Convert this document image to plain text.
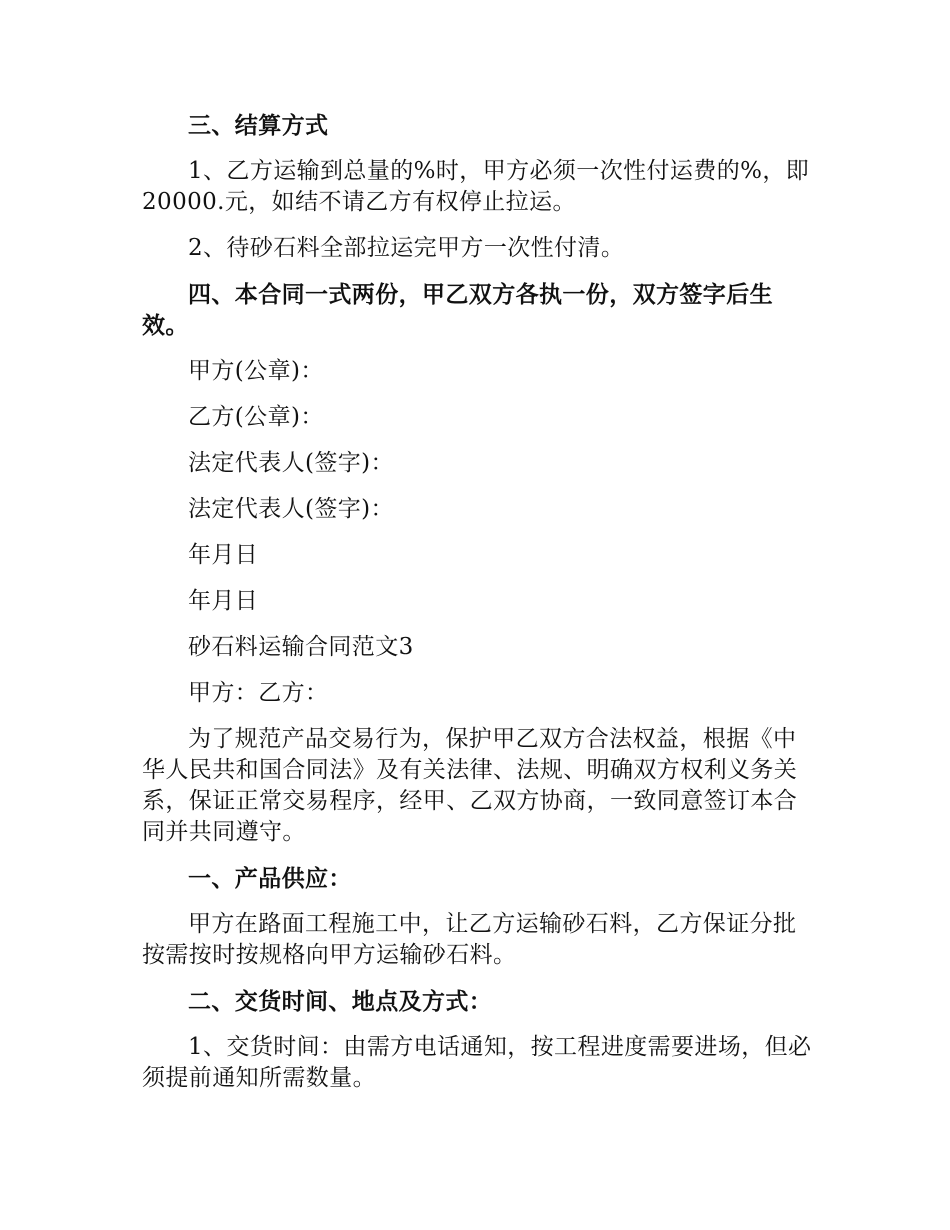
三、结算方式

1、乙方运输到总量的%时，甲方必须一次性付运费的%，即20000.元，如结不请乙方有权停止拉运。

2、待砂石料全部拉运完甲方一次性付清。

四、本合同一式两份，甲乙双方各执一份，双方签字后生效。

甲方(公章)：

乙方(公章)：

法定代表人(签字)：

法定代表人(签字)：

年月日

年月日

砂石料运输合同范文3

甲方：乙方：

为了规范产品交易行为，保护甲乙双方合法权益，根据《中华人民共和国合同法》及有关法律、法规、明确双方权利义务关系，保证正常交易程序，经甲、乙双方协商，一致同意签订本合同并共同遵守。

一、产品供应：

甲方在路面工程施工中，让乙方运输砂石料，乙方保证分批按需按时按规格向甲方运输砂石料。

二、交货时间、地点及方式：

1、交货时间：由需方电话通知，按工程进度需要进场，但必须提前通知所需数量。
